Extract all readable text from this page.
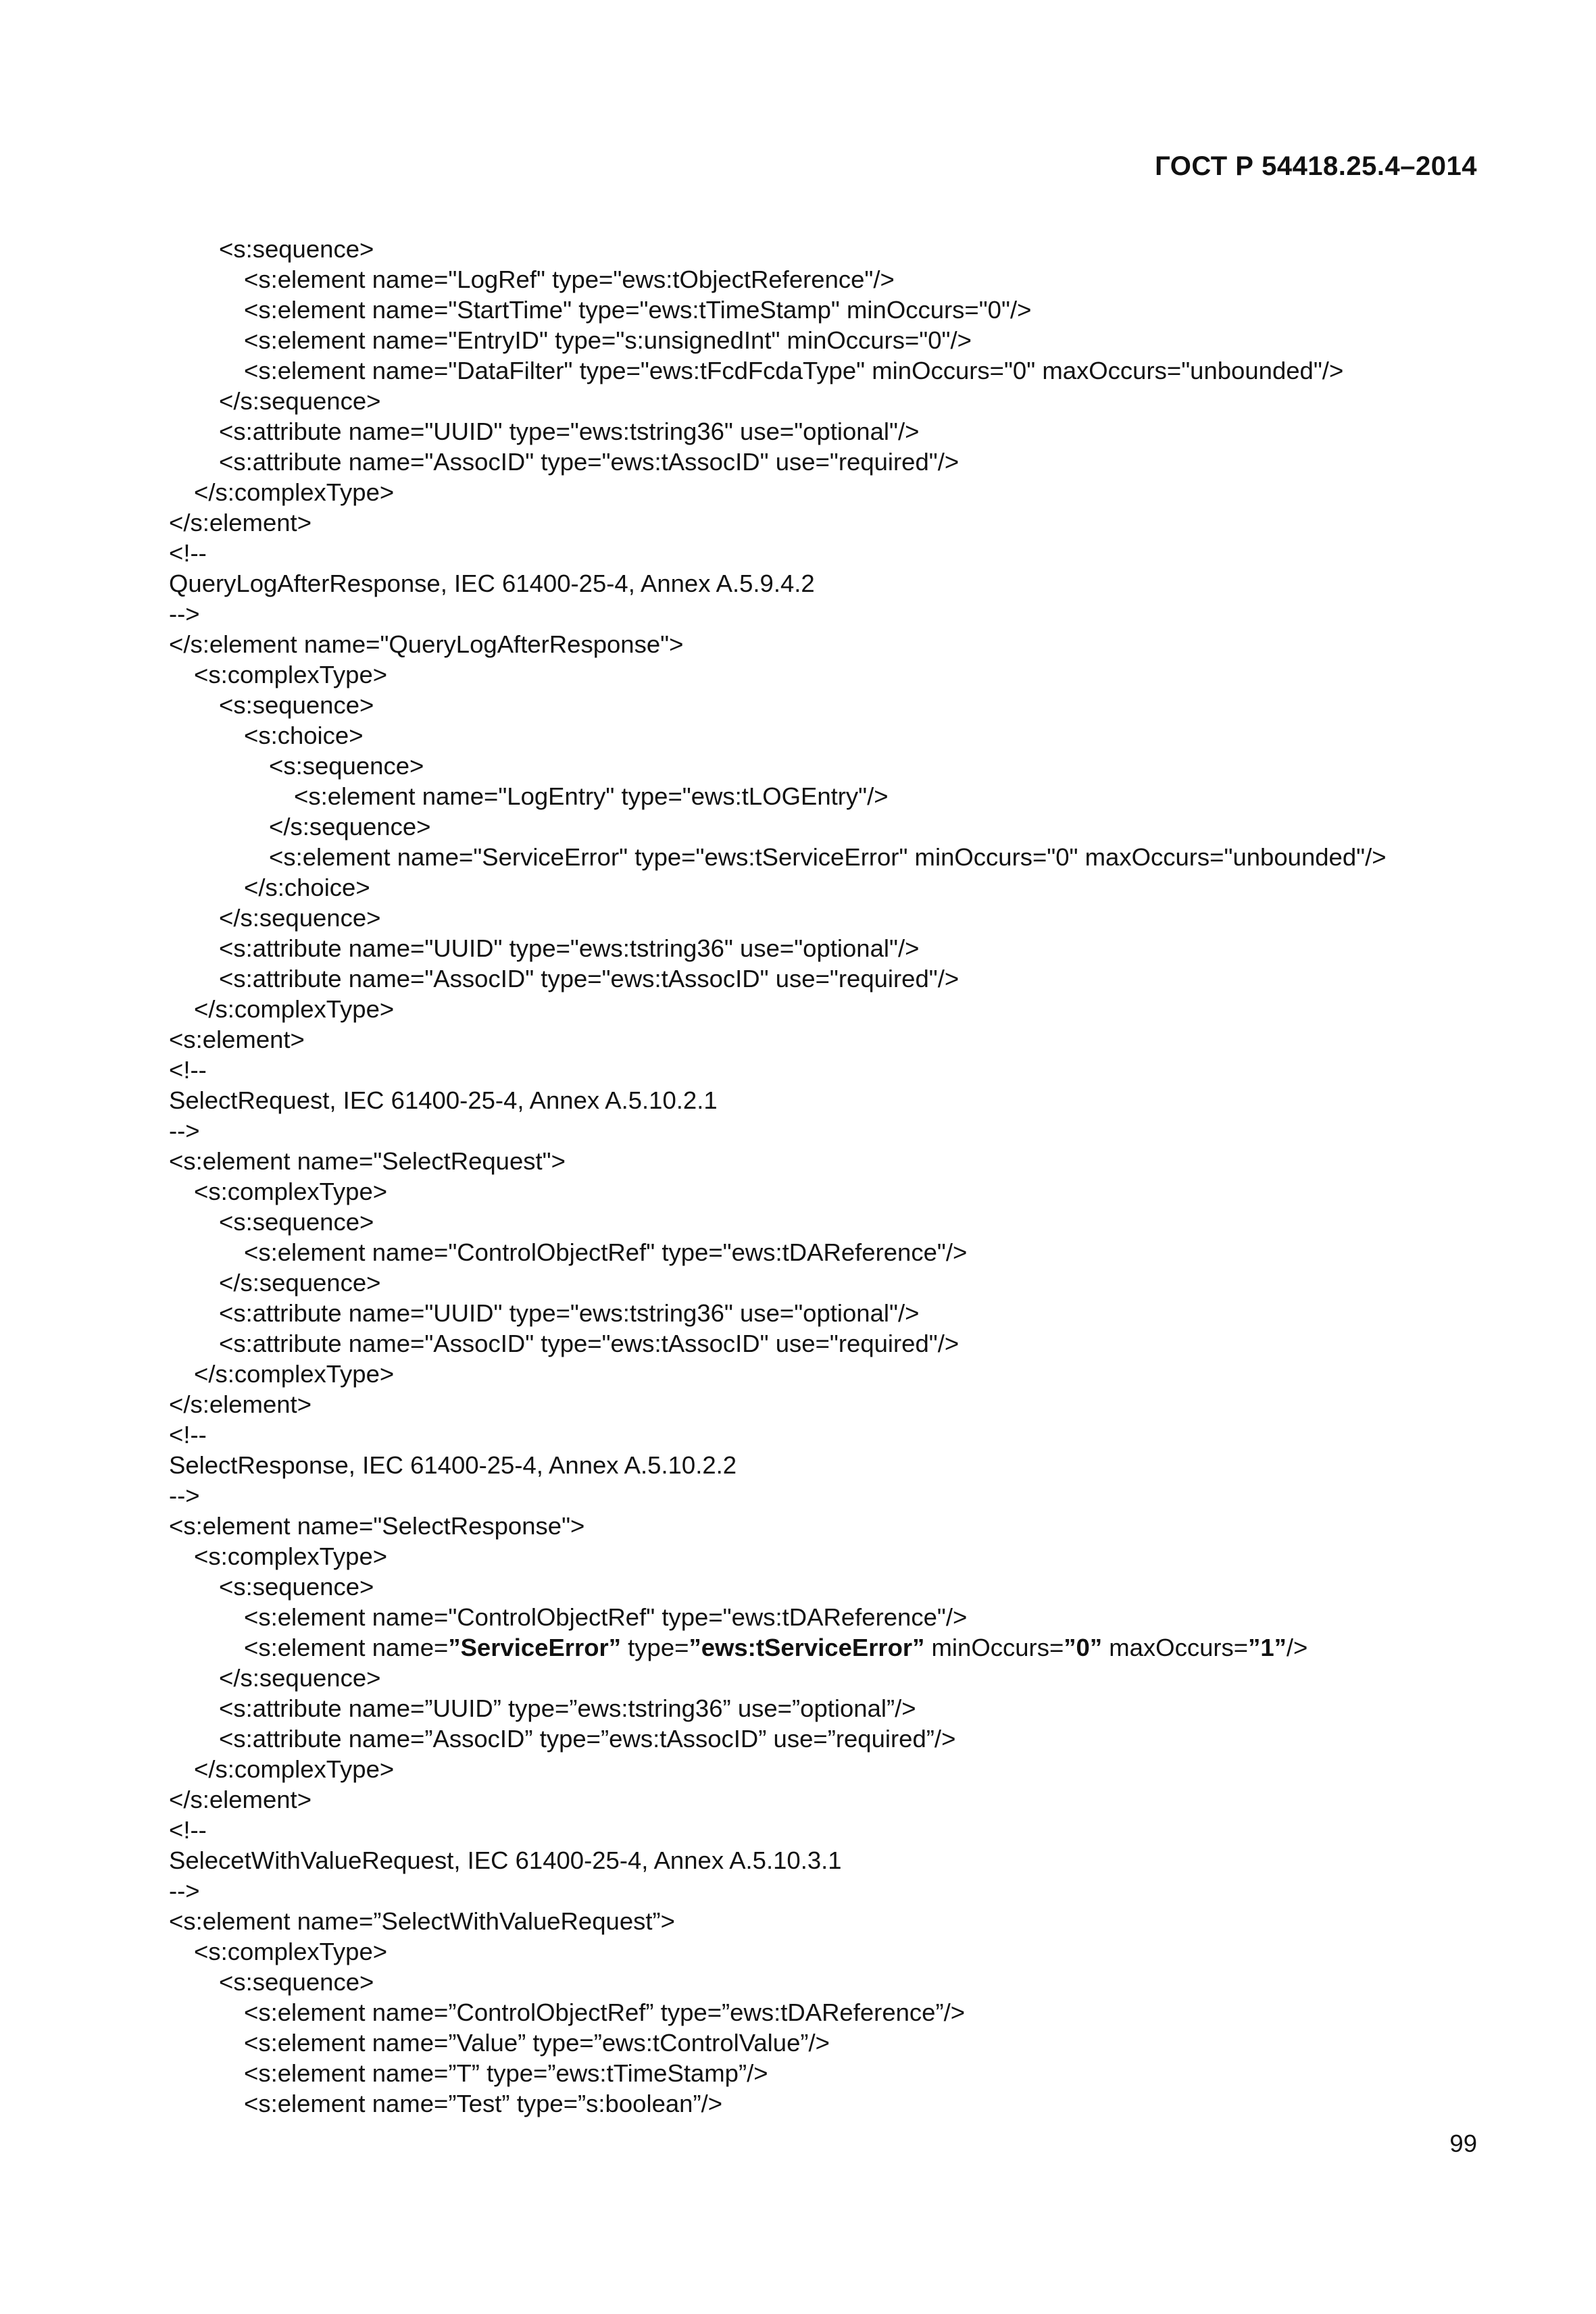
ГОСТ Р 54418.25.4–2014
<s:sequence>
<s:element name="LogRef" type="ews:tObjectReference"/>
<s:element name="StartTime" type="ews:tTimeStamp" minOccurs="0"/>
<s:element name="EntryID" type="s:unsignedInt" minOccurs="0"/>
<s:element name="DataFilter" type="ews:tFcdFcdaType" minOccurs="0" maxOccurs="unbounded"/>
</s:sequence>
<s:attribute name="UUID" type="ews:tstring36" use="optional"/>
<s:attribute name="AssocID" type="ews:tAssocID" use="required"/>
</s:complexType>
</s:element>
<!--
QueryLogAfterResponse, IEC 61400-25-4, Annex A.5.9.4.2
-->
</s:element name="QueryLogAfterResponse">
<s:complexType>
<s:sequence>
<s:choice>
<s:sequence>
<s:element name="LogEntry" type="ews:tLOGEntry"/>
</s:sequence>
<s:element name="ServiceError" type="ews:tServiceError" minOccurs="0" maxOccurs="unbounded"/>
</s:choice>
</s:sequence>
<s:attribute name="UUID" type="ews:tstring36" use="optional"/>
<s:attribute name="AssocID" type="ews:tAssocID" use="required"/>
</s:complexType>
<s:element>
<!--
SelectRequest, IEC 61400-25-4, Annex A.5.10.2.1
-->
<s:element name="SelectRequest">
<s:complexType>
<s:sequence>
<s:element name="ControlObjectRef" type="ews:tDAReference"/>
</s:sequence>
<s:attribute name="UUID" type="ews:tstring36" use="optional"/>
<s:attribute name="AssocID" type="ews:tAssocID" use="required"/>
</s:complexType>
</s:element>
<!--
SelectResponse, IEC 61400-25-4, Annex A.5.10.2.2
-->
<s:element name="SelectResponse">
<s:complexType>
<s:sequence>
<s:element name="ControlObjectRef" type="ews:tDAReference"/>
<s:element name=”ServiceError” type=”ews:tServiceError” minOccurs=”0” maxOccurs=”1”/>
</s:sequence>
<s:attribute name=”UUID” type=”ews:tstring36” use=”optional”/>
<s:attribute name=”AssocID” type=”ews:tAssocID” use=”required”/>
</s:complexType>
</s:element>
<!--
SelecetWithValueRequest, IEC 61400-25-4, Annex A.5.10.3.1
-->
<s:element name=”SelectWithValueRequest”>
<s:complexType>
<s:sequence>
<s:element name=”ControlObjectRef” type=”ews:tDAReference”/>
<s:element name=”Value” type=”ews:tControlValue”/>
<s:element name=”T” type=”ews:tTimeStamp”/>
<s:element name=”Test” type=”s:boolean”/>
99
